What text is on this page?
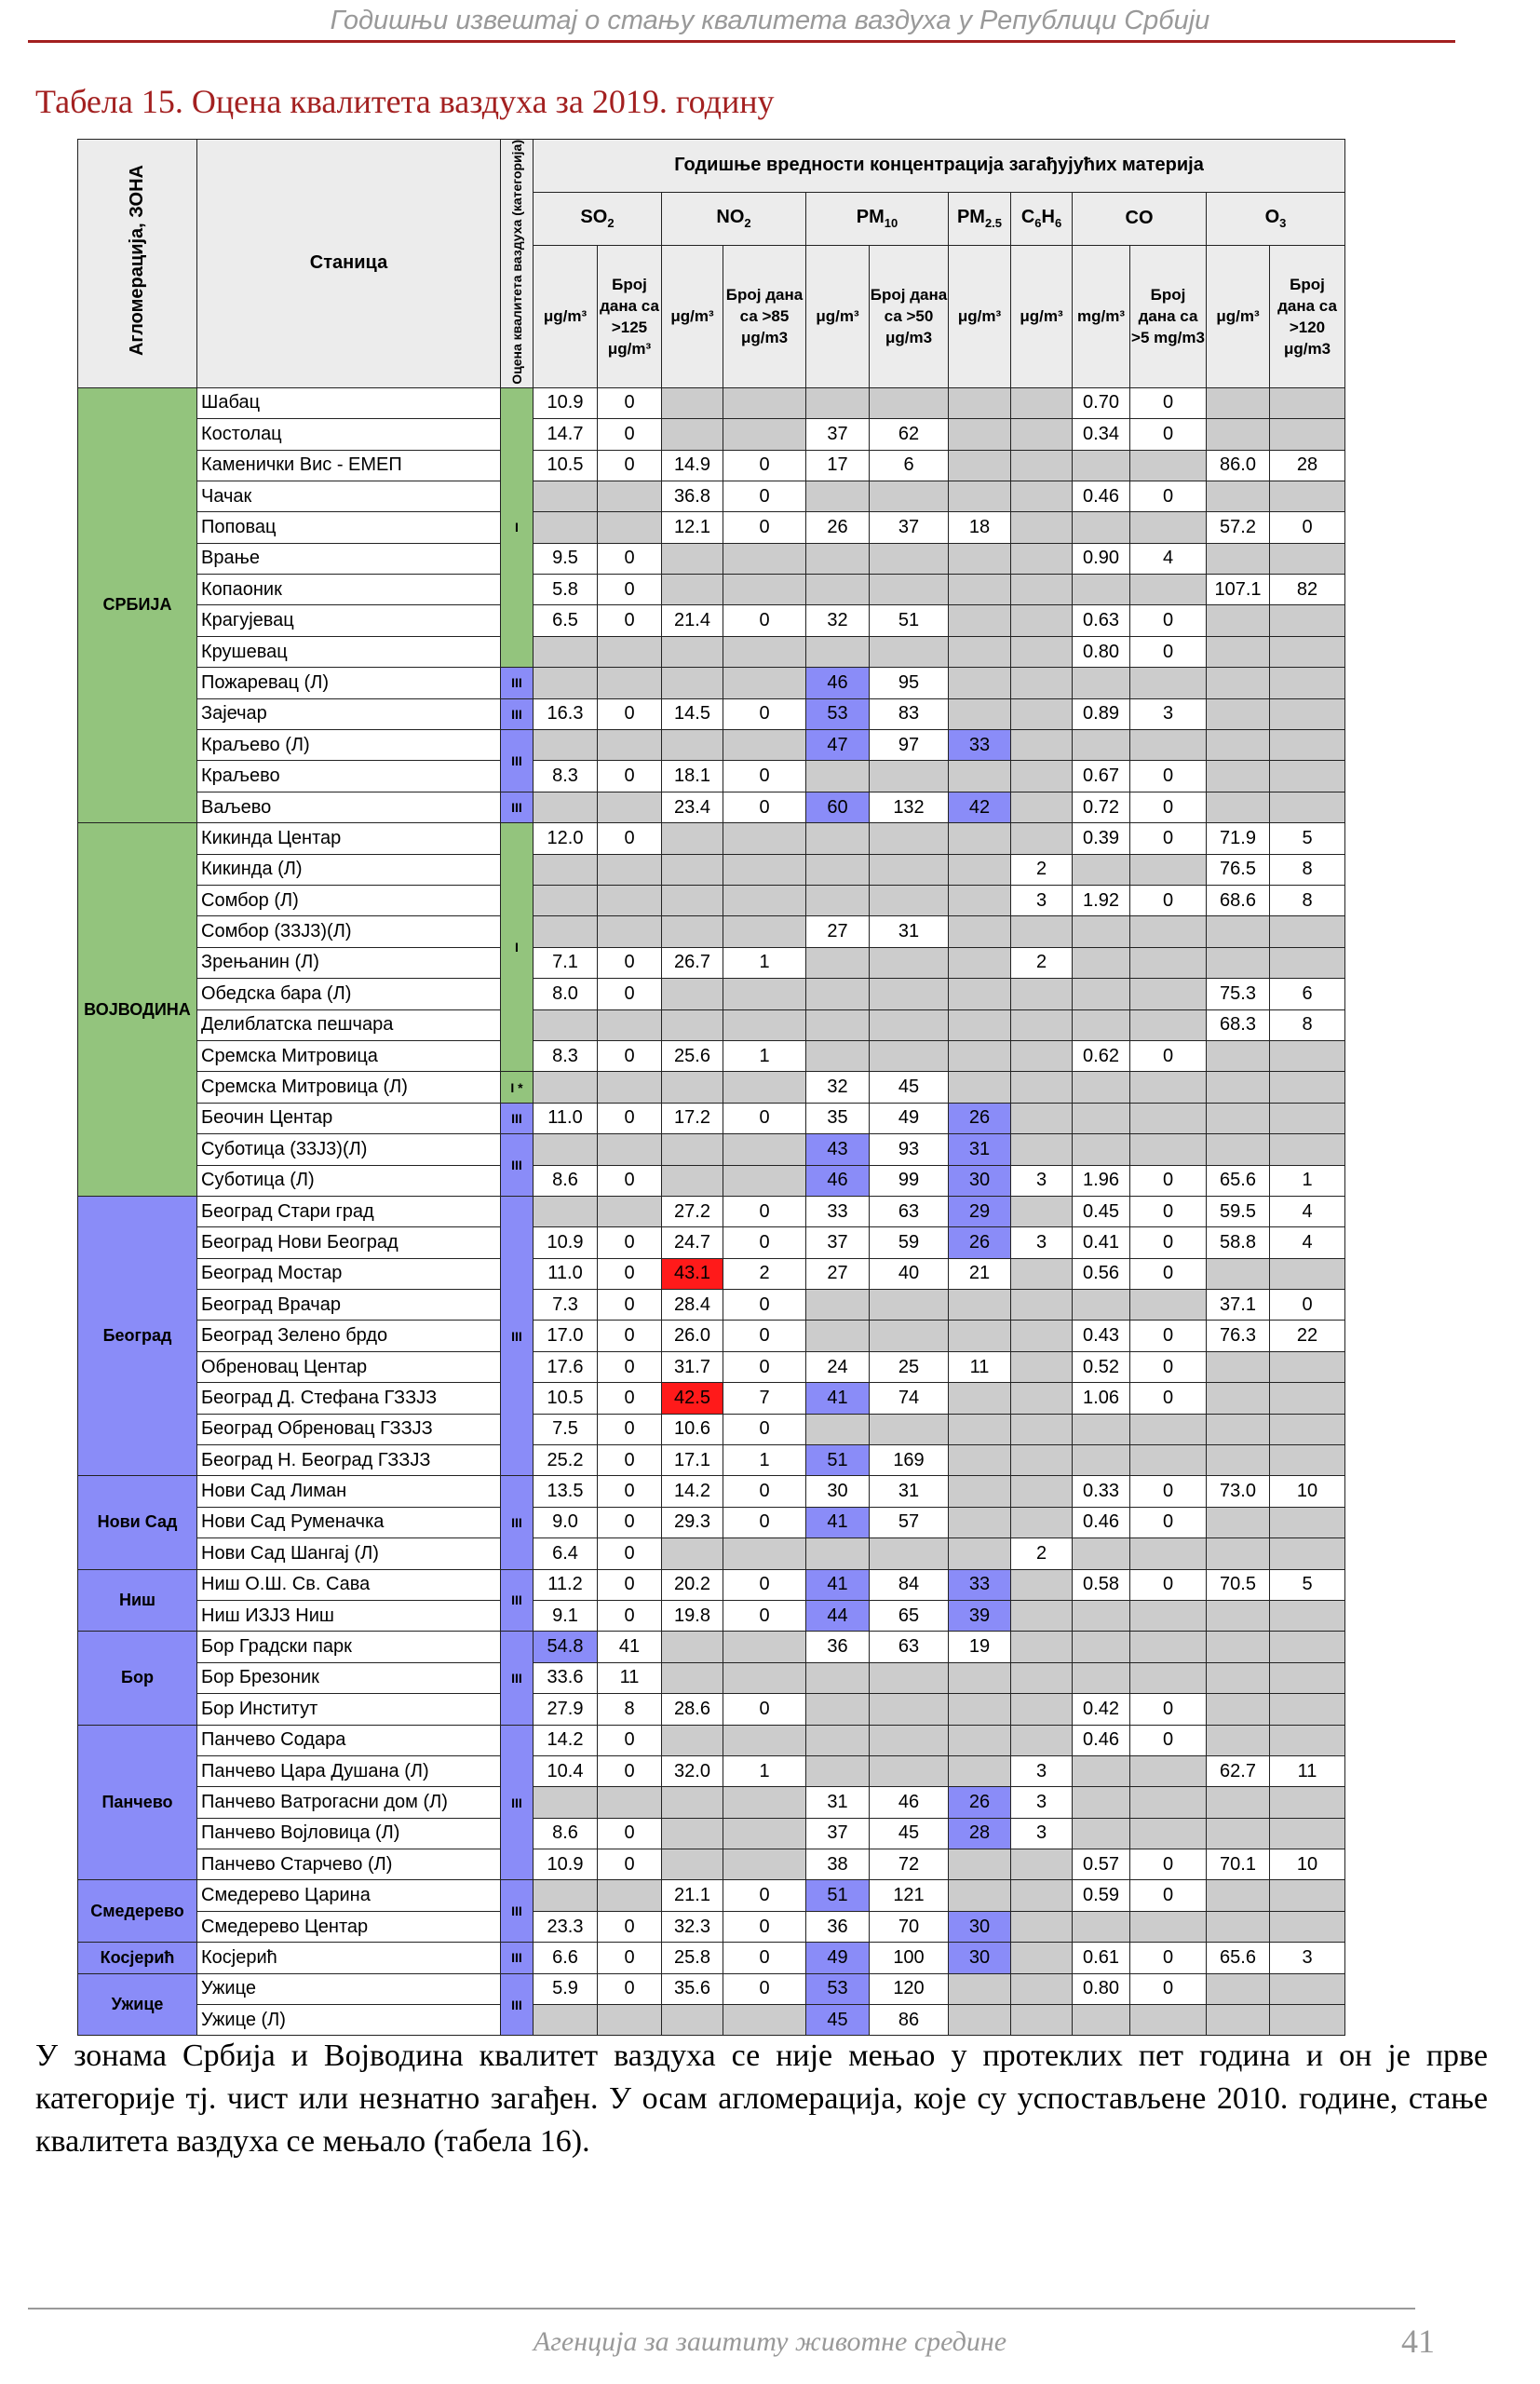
Годишњи извештај о стању квалитета ваздуха у Републици Србији
Табела 15. Оцена квалитета ваздуха за 2019. годину
Агломерација, ЗОНА	Станица	Оцена квалитета ваздуха (категорија)	Годишње вредности концентрација загађујућих материја											
			$SO_2$		$NO_2$		$PM_{10}$		$PM_{2.5}$	$C_6H_6$	CO		$O_3$
			μg/m³	Број дана са >125 μg/m³	μg/m³	Број дана са >85 μg/m3	μg/m³	Број дана са >50 μg/m3	μg/m³	μg/m³	mg/m³	Број дана са >5 mg/m3	μg/m³	Број дана са >120 μg/m3
СРБИЈА	Шабац	I	10.9	0							0.70	0		
	Костолац		14.7	0			37	62			0.34	0		
	Каменички Вис - ЕМЕП		10.5	0	14.9	0	17	6					86.0	28
	Чачак				36.8	0					0.46	0		
	Поповац				12.1	0	26	37	18				57.2	0
	Врање		9.5	0							0.90	4		
	Копаоник		5.8	0									107.1	82
	Крагујевац		6.5	0	21.4	0	32	51			0.63	0		
	Крушевац										0.80	0		
	Пожаревац (Л)	III					46	95						
	Зајечар	III	16.3	0	14.5	0	53	83			0.89	3		
	Краљево (Л)	III					47	97	33					
	Краљево		8.3	0	18.1	0					0.67	0		
	Ваљево	III			23.4	0	60	132	42		0.72	0		
ВОЈВОДИНА	Кикинда Центар	I	12.0	0							0.39	0	71.9	5
	Кикинда (Л)									2			76.5	8
	Сомбор (Л)									3	1.92	0	68.6	8
	Сомбор (33J3)(Л)						27	31						
	Зрењанин (Л)		7.1	0	26.7	1				2				
	Обедска бара (Л)		8.0	0									75.3	6
	Делиблатска пешчара												68.3	8
	Сремска Митровица		8.3	0	25.6	1					0.62	0		
	Сремска Митровица (Л)	I *					32	45						
	Беочин Центар	III	11.0	0	17.2	0	35	49	26					
	Суботица (33J3)(Л)	III					43	93	31					
	Суботица (Л)		8.6	0			46	99	30	3	1.96	0	65.6	1
Београд	Београд Стари град	III			27.2	0	33	63	29		0.45	0	59.5	4
	Београд Нови Београд		10.9	0	24.7	0	37	59	26	3	0.41	0	58.8	4
	Београд Мостар		11.0	0	43.1	2	27	40	21		0.56	0		
	Београд Врачар		7.3	0	28.4	0							37.1	0
	Београд Зелено брдо		17.0	0	26.0	0					0.43	0	76.3	22
	Обреновац Центар		17.6	0	31.7	0	24	25	11		0.52	0		
	Београд Д. Стефана ГЗЗЈЗ		10.5	0	42.5	7	41	74			1.06	0		
	Београд Обреновац ГЗЗЈЗ		7.5	0	10.6	0								
	Београд Н. Београд ГЗЗЈЗ		25.2	0	17.1	1	51	169						
Нови Сад	Нови Сад Лиман	III	13.5	0	14.2	0	30	31			0.33	0	73.0	10
	Нови Сад Руменачка		9.0	0	29.3	0	41	57			0.46	0		
	Нови Сад Шангај (Л)		6.4	0						2				
Ниш	Ниш О.Ш. Св. Сава	III	11.2	0	20.2	0	41	84	33		0.58	0	70.5	5
	Ниш ИЗЈЗ Ниш		9.1	0	19.8	0	44	65	39					
Бор	Бор Градски парк	III	54.8	41			36	63	19					
	Бор Брезоник		33.6	11										
	Бор Институт		27.9	8	28.6	0					0.42	0		
Панчево	Панчево Содара	III	14.2	0							0.46	0		
	Панчево Цара Душана (Л)		10.4	0	32.0	1				3			62.7	11
	Панчево Ватрогасни дом (Л)						31	46	26	3				
	Панчево Војловица (Л)		8.6	0			37	45	28	3				
	Панчево Старчево (Л)		10.9	0			38	72			0.57	0	70.1	10
Смедерево	Смедерево Царина	III			21.1	0	51	121			0.59	0		
	Смедерево Центар		23.3	0	32.3	0	36	70	30					
Косјерић	Косјерић	III	6.6	0	25.8	0	49	100	30		0.61	0	65.6	3
Ужице	Ужице	III	5.9	0	35.6	0	53	120			0.80	0		
	Ужице (Л)						45	86						
У зонама Србија и Војводина квалитет ваздуха се није мењао у протеклих пет година и он је прве категорије тј. чист или незнатно загађен. У осам агломерација, које су успостављене 2010. године, стање квалитета ваздуха се мењало (табела 16).
Агенција за заштиту животне средине	41
